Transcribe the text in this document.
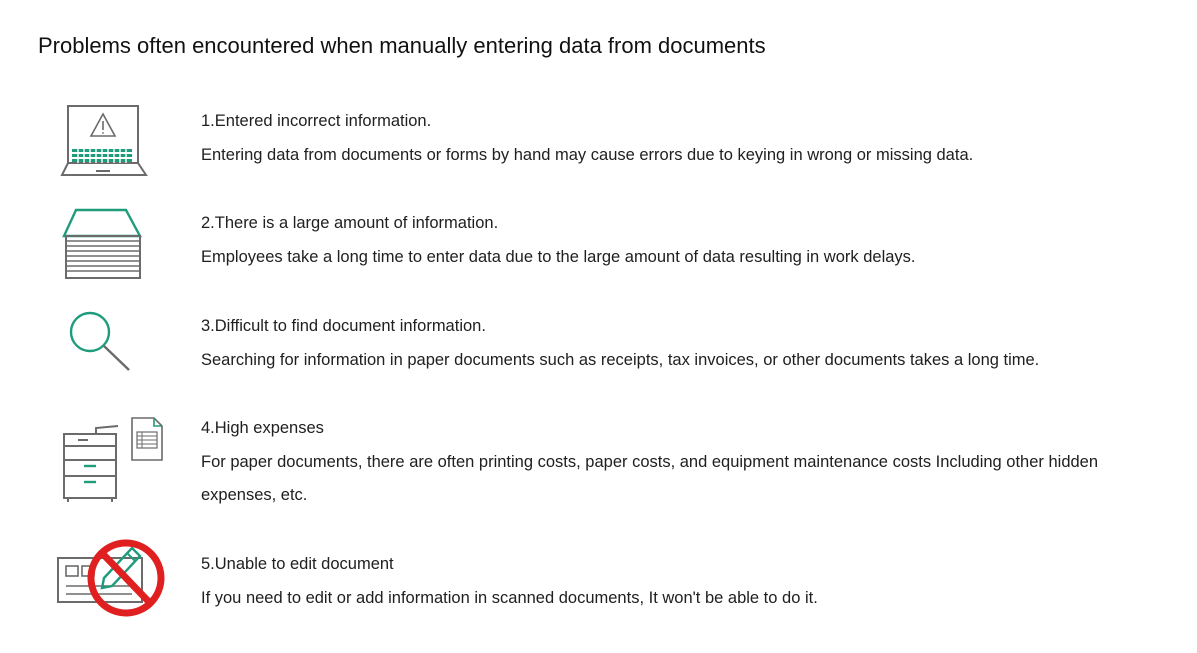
Problems often encountered when manually entering data from documents
1.Entered incorrect information.
Entering data from documents or forms by hand may cause errors due to keying in wrong or missing data.
2.There is a large amount of information.
Employees take a long time to enter data due to the large amount of data resulting in work delays.
3.Difficult to find document information.
Searching for information in paper documents such as receipts, tax invoices, or other documents takes a long time.
4.High expenses
For paper documents, there are often printing costs, paper costs, and equipment maintenance costs Including other hidden expenses, etc.
5.Unable to edit document
If you need to edit or add information in scanned documents, It won't be able to do it.
